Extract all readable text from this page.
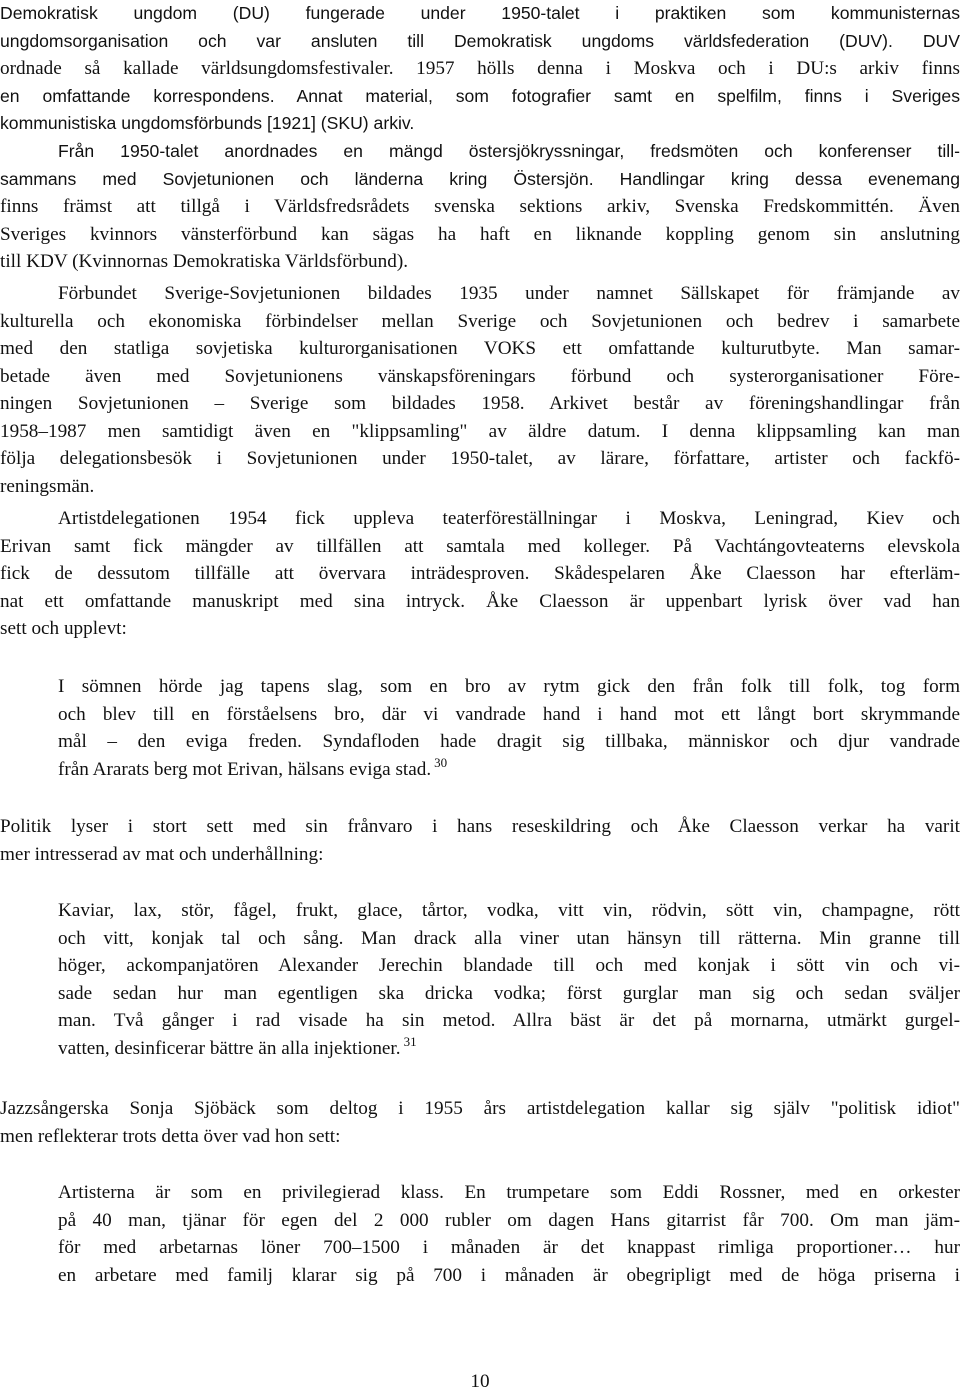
Demokratisk ungdom (DU) fungerade under 1950-talet i praktiken som kommunisternas
ungdomsorganisation och var ansluten till Demokratisk ungdoms världsfederation (DUV). DUV
ordnade så kallade världsungdomsfestivaler. 1957 hölls denna i Moskva och i DU:s arkiv finns
en omfattande korrespondens. Annat material, som fotografier samt en spelfilm, finns i Sveriges
kommunistiska ungdomsförbunds [1921] (SKU) arkiv.
Från 1950-talet anordnades en mängd östersjökryssningar, fredsmöten och konferenser till-
sammans med Sovjetunionen och länderna kring Östersjön. Handlingar kring dessa evenemang
finns främst att tillgå i Världsfredsrådets svenska sektions arkiv, Svenska Fredskommittén. Även
Sveriges kvinnors vänsterförbund kan sägas ha haft en liknande koppling genom sin anslutning
till KDV (Kvinnornas Demokratiska Världsförbund).
Förbundet Sverige-Sovjetunionen bildades 1935 under namnet Sällskapet för främjande av
kulturella och ekonomiska förbindelser mellan Sverige och Sovjetunionen och bedrev i samarbete
med den statliga sovjetiska kulturorganisationen VOKS ett omfattande kulturutbyte. Man samar-
betade även med Sovjetunionens vänskapsföreningars förbund och systerorganisationer Före-
ningen Sovjetunionen – Sverige som bildades 1958. Arkivet består av föreningshandlingar från
1958–1987 men samtidigt även en "klippsamling" av äldre datum. I denna klippsamling kan man
följa delegationsbesök i Sovjetunionen under 1950-talet, av lärare, författare, artister och fackfö-
reningsmän.
Artistdelegationen 1954 fick uppleva teaterföreställningar i Moskva, Leningrad, Kiev och
Erivan samt fick mängder av tillfällen att samtala med kolleger. På Vachtángovteaterns elevskola
fick de dessutom tillfälle att övervara inträdesproven. Skådespelaren Åke Claesson har efterläm-
nat ett omfattande manuskript med sina intryck. Åke Claesson är uppenbart lyrisk över vad han
sett och upplevt:
I sömnen hörde jag tapens slag, som en bro av rytm gick den från folk till folk, tog form
och blev till en förståelsens bro, där vi vandrade hand i hand mot ett långt bort skrymmande
mål – den eviga freden. Syndafloden hade dragit sig tillbaka, människor och djur vandrade
från Ararats berg mot Erivan, hälsans eviga stad. $^{30}$
Politik lyser i stort sett med sin frånvaro i hans reseskildring och Åke Claesson verkar ha varit
mer intresserad av mat och underhållning:
Kaviar, lax, stör, fågel, frukt, glace, tårtor, vodka, vitt vin, rödvin, sött vin, champagne, rött
och vitt, konjak tal och sång. Man drack alla viner utan hänsyn till rätterna. Min granne till
höger, ackompanjatören Alexander Jerechin blandade till och med konjak i sött vin och vi-
sade sedan hur man egentligen ska dricka vodka; först gurglar man sig och sedan sväljer
man. Två gånger i rad visade ha sin metod. Allra bäst är det på mornarna, utmärkt gurgel-
vatten, desinficerar bättre än alla injektioner. $^{31}$
Jazzsångerska Sonja Sjöbäck som deltog i 1955 års artistdelegation kallar sig själv "politisk idiot"
men reflekterar trots detta över vad hon sett:
Artisterna är som en privilegierad klass. En trumpetare som Eddi Rossner, med en orkester
på 40 man, tjänar för egen del 2 000 rubler om dagen Hans gitarrist får 700. Om man jäm-
för med arbetarnas löner 700–1500 i månaden är det knappast rimliga proportioner… hur
en arbetare med familj klarar sig på 700 i månaden är obegripligt med de höga priserna i
10
